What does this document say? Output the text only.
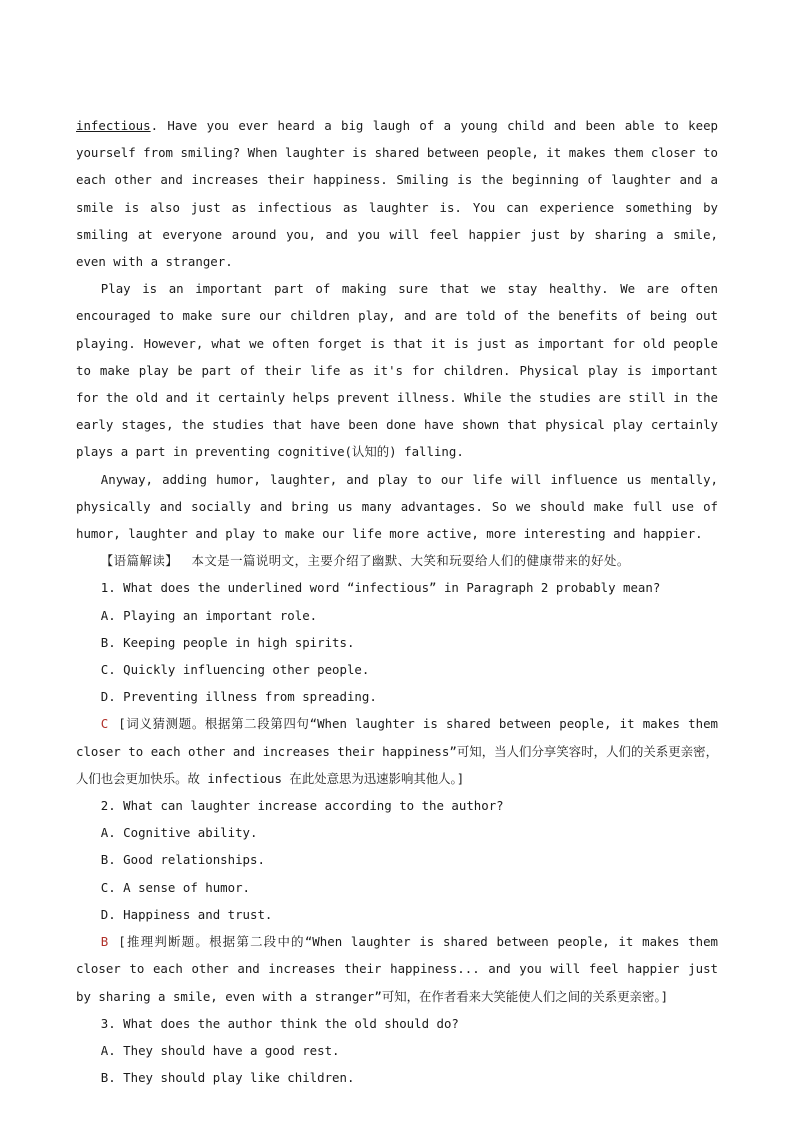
infectious. Have you ever heard a big laugh of a young child and been able to keep yourself from smiling? When laughter is shared between people, it makes them closer to each other and increases their happiness. Smiling is the beginning of laughter and a smile is also just as infectious as laughter is. You can experience something by smiling at everyone around you, and you will feel happier just by sharing a smile, even with a stranger.

Play is an important part of making sure that we stay healthy. We are often encouraged to make sure our children play, and are told of the benefits of being out playing. However, what we often forget is that it is just as important for old people to make play be part of their life as it's for children. Physical play is important for the old and it certainly helps prevent illness. While the studies are still in the early stages, the studies that have been done have shown that physical play certainly plays a part in preventing cognitive(认知的) falling.

Anyway, adding humor, laughter, and play to our life will influence us mentally, physically and socially and bring us many advantages. So we should make full use of humor, laughter and play to make our life more active, more interesting and happier.

【语篇解读】 本文是一篇说明文，主要介绍了幽默、大笑和玩耍给人们的健康带来的好处。

1. What does the underlined word “infectious” in Paragraph 2 probably mean?

A. Playing an important role.

B. Keeping people in high spirits.

C. Quickly influencing other people.

D. Preventing illness from spreading.

C [词义猜测题。根据第二段第四句“When laughter is shared between people, it makes them closer to each other and increases their happiness”可知，当人们分享笑容时，人们的关系更亲密，人们也会更加快乐。故 infectious 在此处意思为迅速影响其他人。]

2. What can laughter increase according to the author?

A. Cognitive ability.

B. Good relationships.

C. A sense of humor.

D. Happiness and trust.

B [推理判断题。根据第二段中的“When laughter is shared between people, it makes them closer to each other and increases their happiness... and you will feel happier just by sharing a smile, even with a stranger”可知，在作者看来大笑能使人们之间的关系更亲密。]

3. What does the author think the old should do?

A. They should have a good rest.

B. They should play like children.
